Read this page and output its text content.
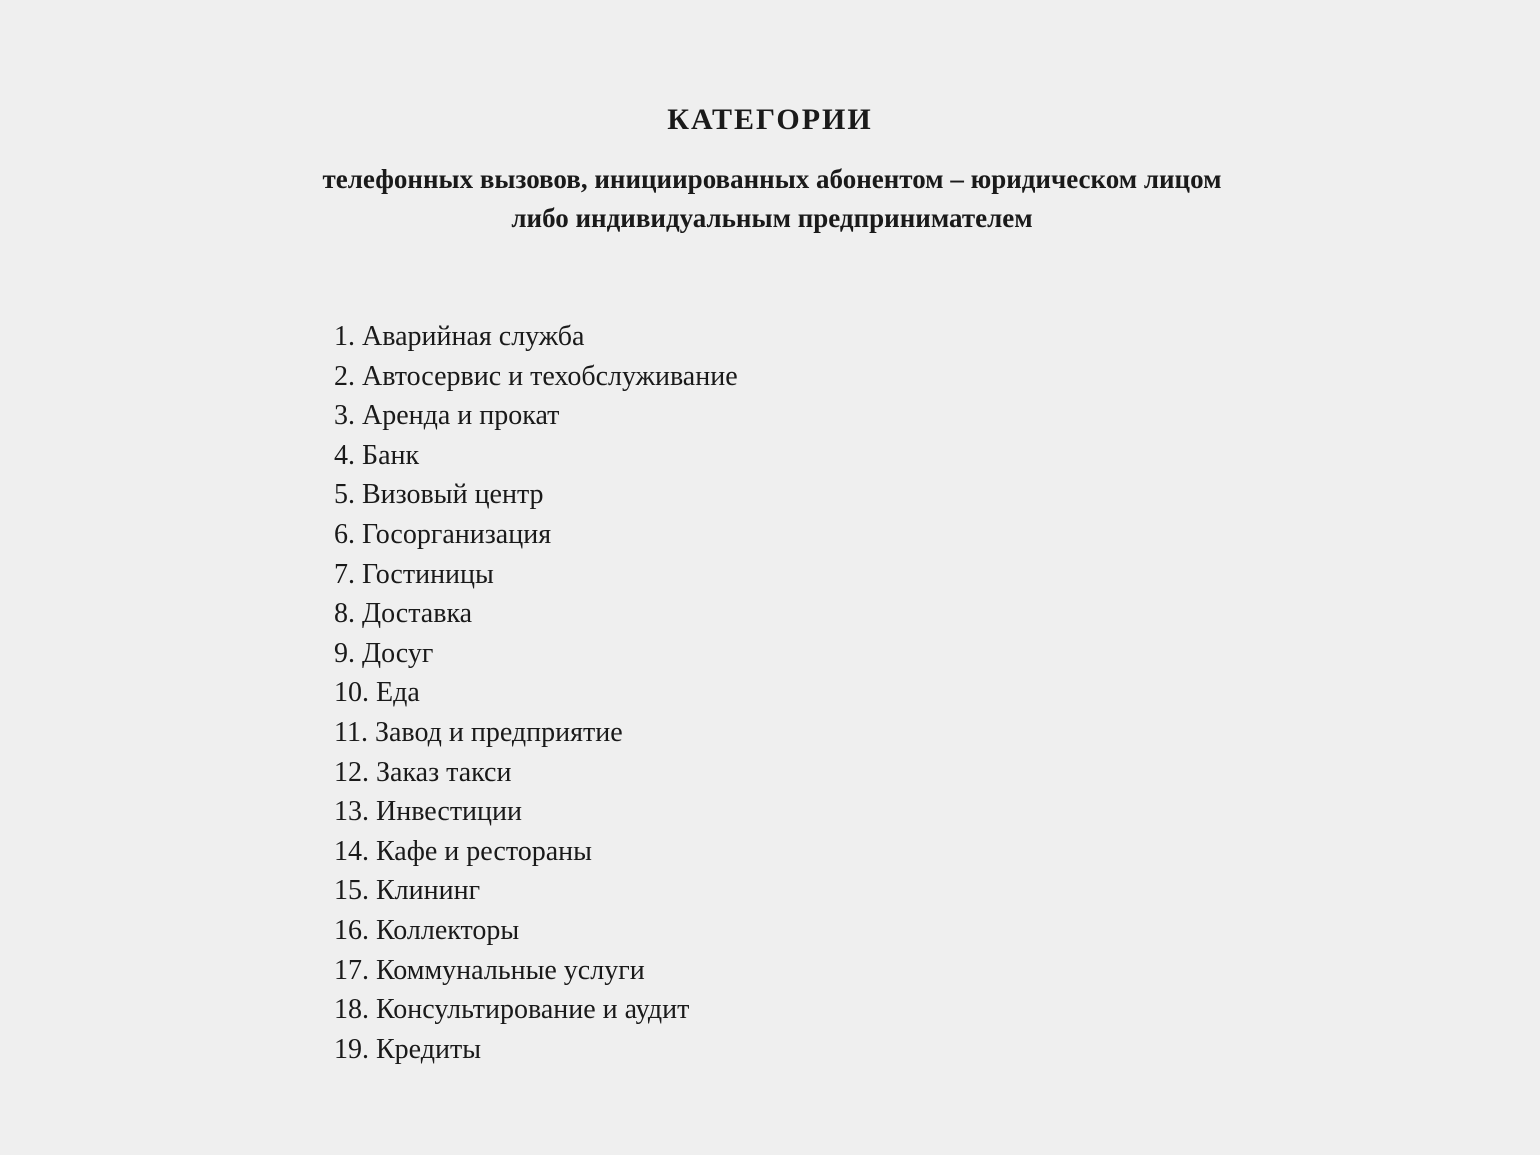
КАТЕГОРИИ

телефонных вызовов, инициированных абонентом – юридическом лицом
либо индивидуальным предпринимателем

1. Аварийная служба
2. Автосервис и техобслуживание
3. Аренда и прокат
4. Банк
5. Визовый центр
6. Госорганизация
7. Гостиницы
8. Доставка
9. Досуг
10. Еда
11. Завод и предприятие
12. Заказ такси
13. Инвестиции
14. Кафе и рестораны
15. Клининг
16. Коллекторы
17. Коммунальные услуги
18. Консультирование и аудит
19. Кредиты
